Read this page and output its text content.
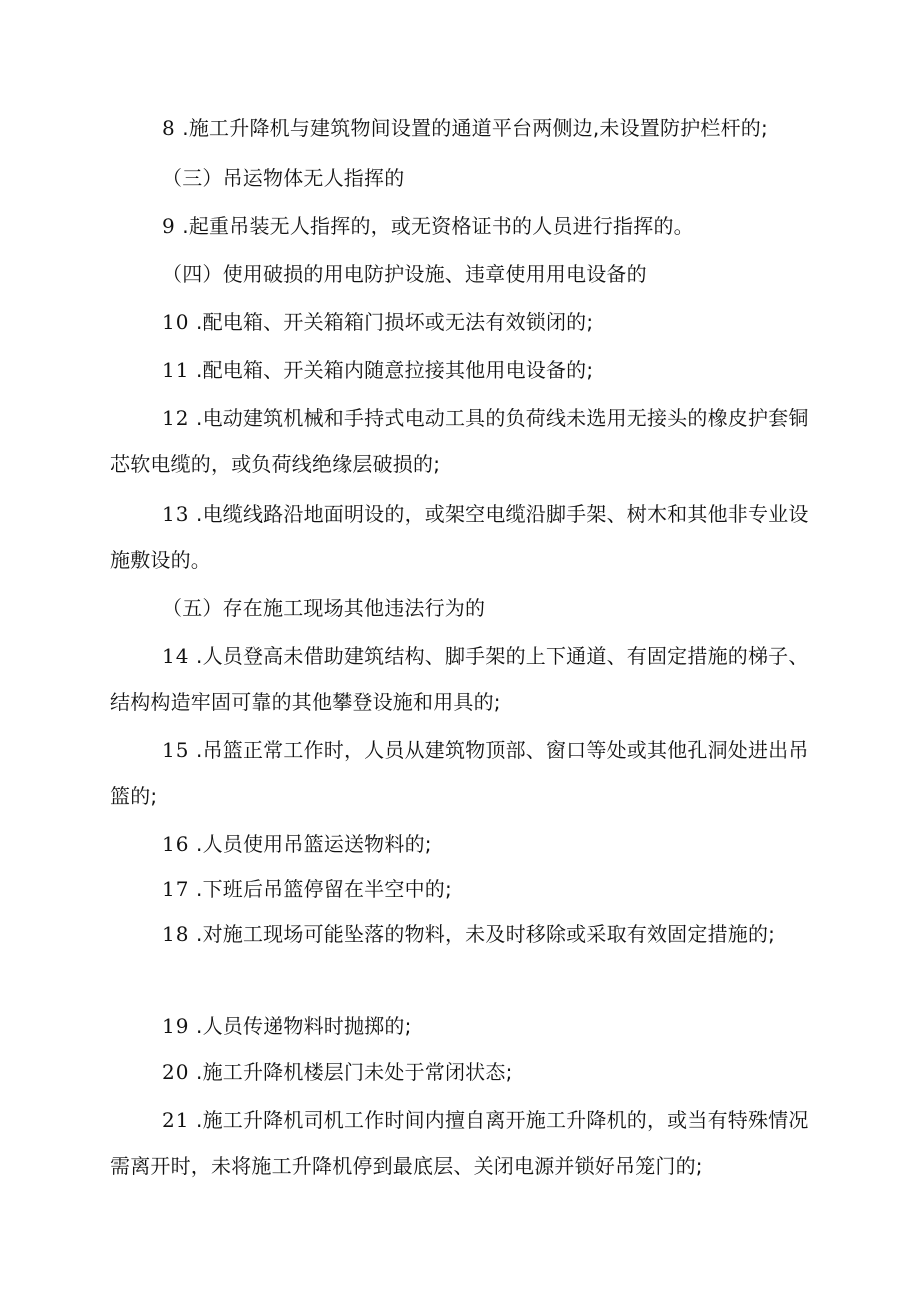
8 .施工升降机与建筑物间设置的通道平台两侧边,未设置防护栏杆的;

（三）吊运物体无人指挥的

9 .起重吊装无人指挥的，或无资格证书的人员进行指挥的。

（四）使用破损的用电防护设施、违章使用用电设备的

10 .配电箱、开关箱箱门损坏或无法有效锁闭的;

11 .配电箱、开关箱内随意拉接其他用电设备的;

12 .电动建筑机械和手持式电动工具的负荷线未选用无接头的橡皮护套铜芯软电缆的，或负荷线绝缘层破损的;

13 .电缆线路沿地面明设的，或架空电缆沿脚手架、树木和其他非专业设施敷设的。

（五）存在施工现场其他违法行为的

14 .人员登高未借助建筑结构、脚手架的上下通道、有固定措施的梯子、结构构造牢固可靠的其他攀登设施和用具的;

15 .吊篮正常工作时，人员从建筑物顶部、窗口等处或其他孔洞处进出吊篮的;

16 .人员使用吊篮运送物料的;

17 .下班后吊篮停留在半空中的;

18 .对施工现场可能坠落的物料，未及时移除或采取有效固定措施的;

19 .人员传递物料时抛掷的;

20 .施工升降机楼层门未处于常闭状态;

21 .施工升降机司机工作时间内擅自离开施工升降机的，或当有特殊情况需离开时，未将施工升降机停到最底层、关闭电源并锁好吊笼门的;
